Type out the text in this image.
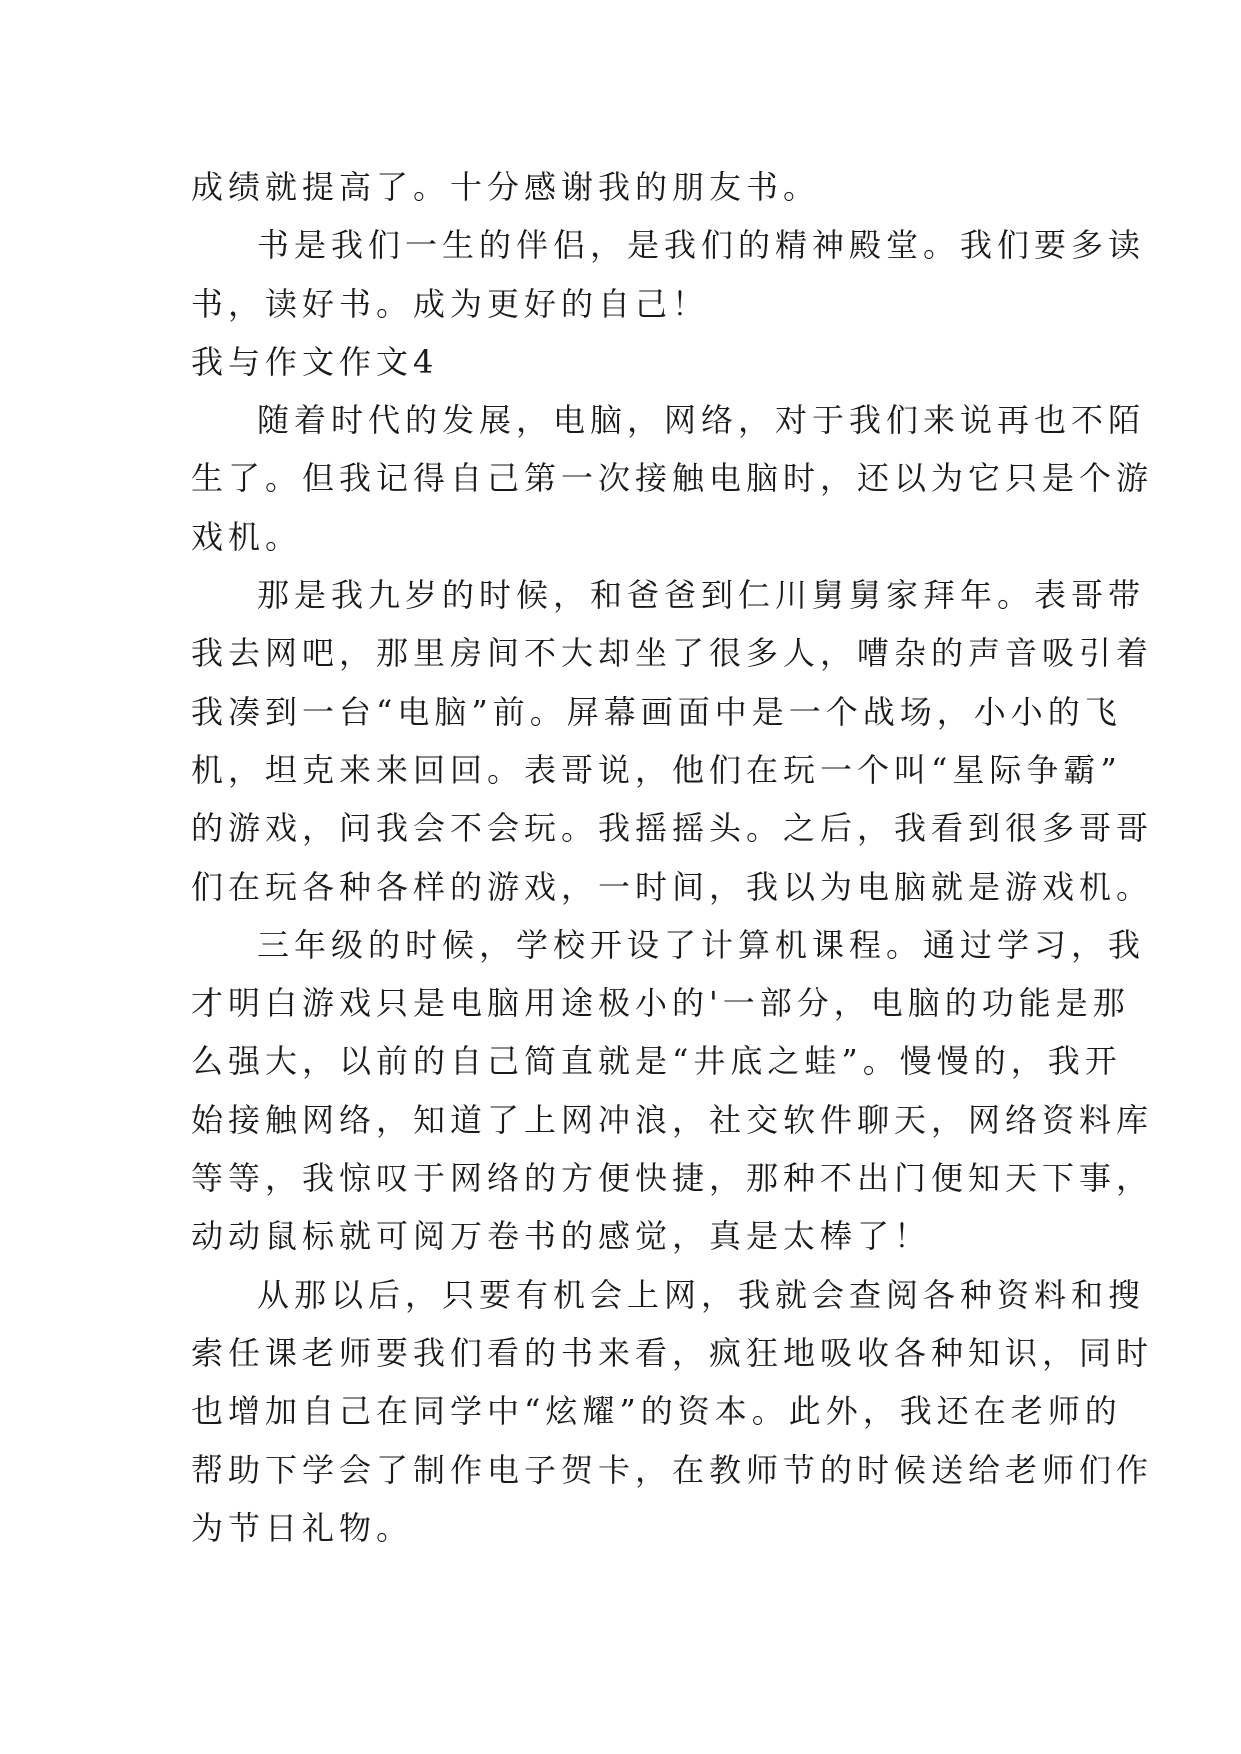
成绩就提高了。十分感谢我的朋友书。
书是我们一生的伴侣，是我们的精神殿堂。我们要多读
书，读好书。成为更好的自己！
我与作文作文4
随着时代的发展，电脑，网络，对于我们来说再也不陌
生了。但我记得自己第一次接触电脑时，还以为它只是个游
戏机。
那是我九岁的时候，和爸爸到仁川舅舅家拜年。表哥带
我去网吧，那里房间不大却坐了很多人，嘈杂的声音吸引着
我凑到一台“电脑”前。屏幕画面中是一个战场，小小的飞
机，坦克来来回回。表哥说，他们在玩一个叫“星际争霸”
的游戏，问我会不会玩。我摇摇头。之后，我看到很多哥哥
们在玩各种各样的游戏，一时间，我以为电脑就是游戏机。
三年级的时候，学校开设了计算机课程。通过学习，我
才明白游戏只是电脑用途极小的'一部分，电脑的功能是那
么强大，以前的自己简直就是“井底之蛙”。慢慢的，我开
始接触网络，知道了上网冲浪，社交软件聊天，网络资料库
等等，我惊叹于网络的方便快捷，那种不出门便知天下事，
动动鼠标就可阅万卷书的感觉，真是太棒了！
从那以后，只要有机会上网，我就会查阅各种资料和搜
索任课老师要我们看的书来看，疯狂地吸收各种知识，同时
也增加自己在同学中“炫耀”的资本。此外，我还在老师的
帮助下学会了制作电子贺卡，在教师节的时候送给老师们作
为节日礼物。
